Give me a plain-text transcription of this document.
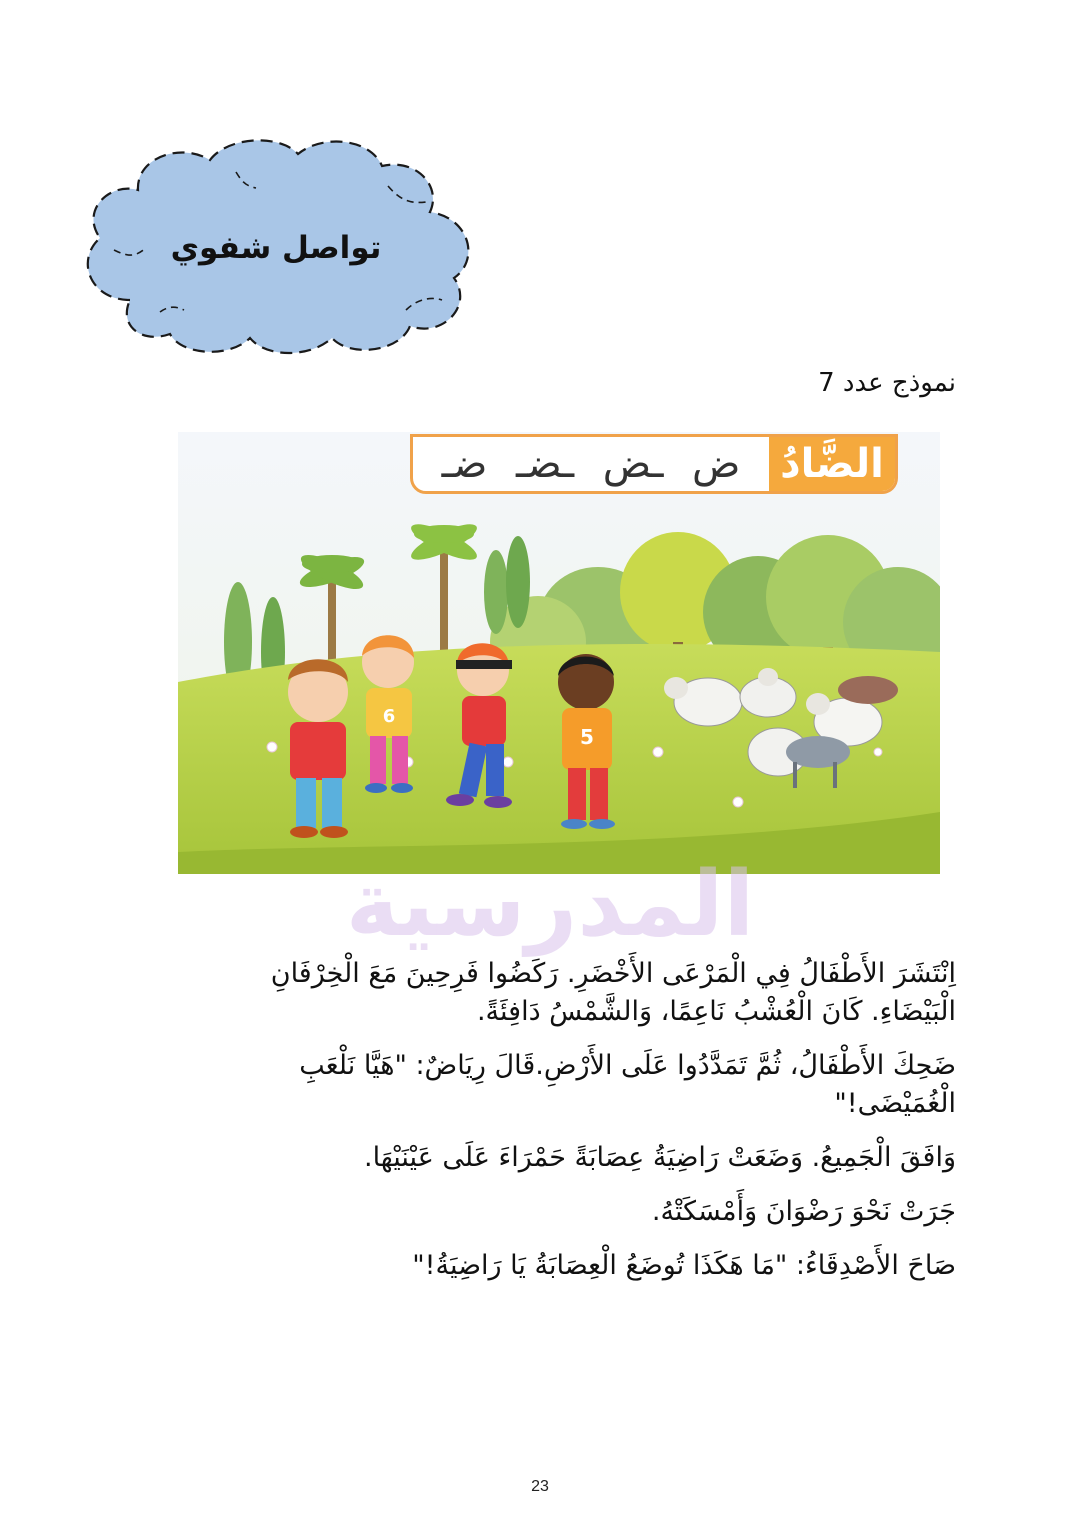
تواصل شفوي
نموذج عدد 7
6
5
الضَّادُ
ضـ ـضـ ـض ض
المدرسية

اِنْتَشَرَ الأَطْفَالُ فِي الْمَرْعَى الأَخْضَرِ. رَكَضُوا فَرِحِينَ مَعَ الْخِرْفَانِ الْبَيْضَاءِ. كَانَ الْعُشْبُ نَاعِمًا، وَالشَّمْسُ دَافِئَةً.

ضَحِكَ الأَطْفَالُ، ثُمَّ تَمَدَّدُوا عَلَى الأَرْضِ.قَالَ رِيَاضٌ: "هَيَّا نَلْعَبِ الْغُمَيْضَى!"

وَافَقَ الْجَمِيعُ. وَضَعَتْ رَاضِيَةُ عِصَابَةً حَمْرَاءَ عَلَى عَيْنَيْهَا.

جَرَتْ نَحْوَ رَضْوَانَ وَأَمْسَكَتْهُ.

صَاحَ الأَصْدِقَاءُ: "مَا هَكَذَا تُوضَعُ الْعِصَابَةُ يَا رَاضِيَةُ!"

23
